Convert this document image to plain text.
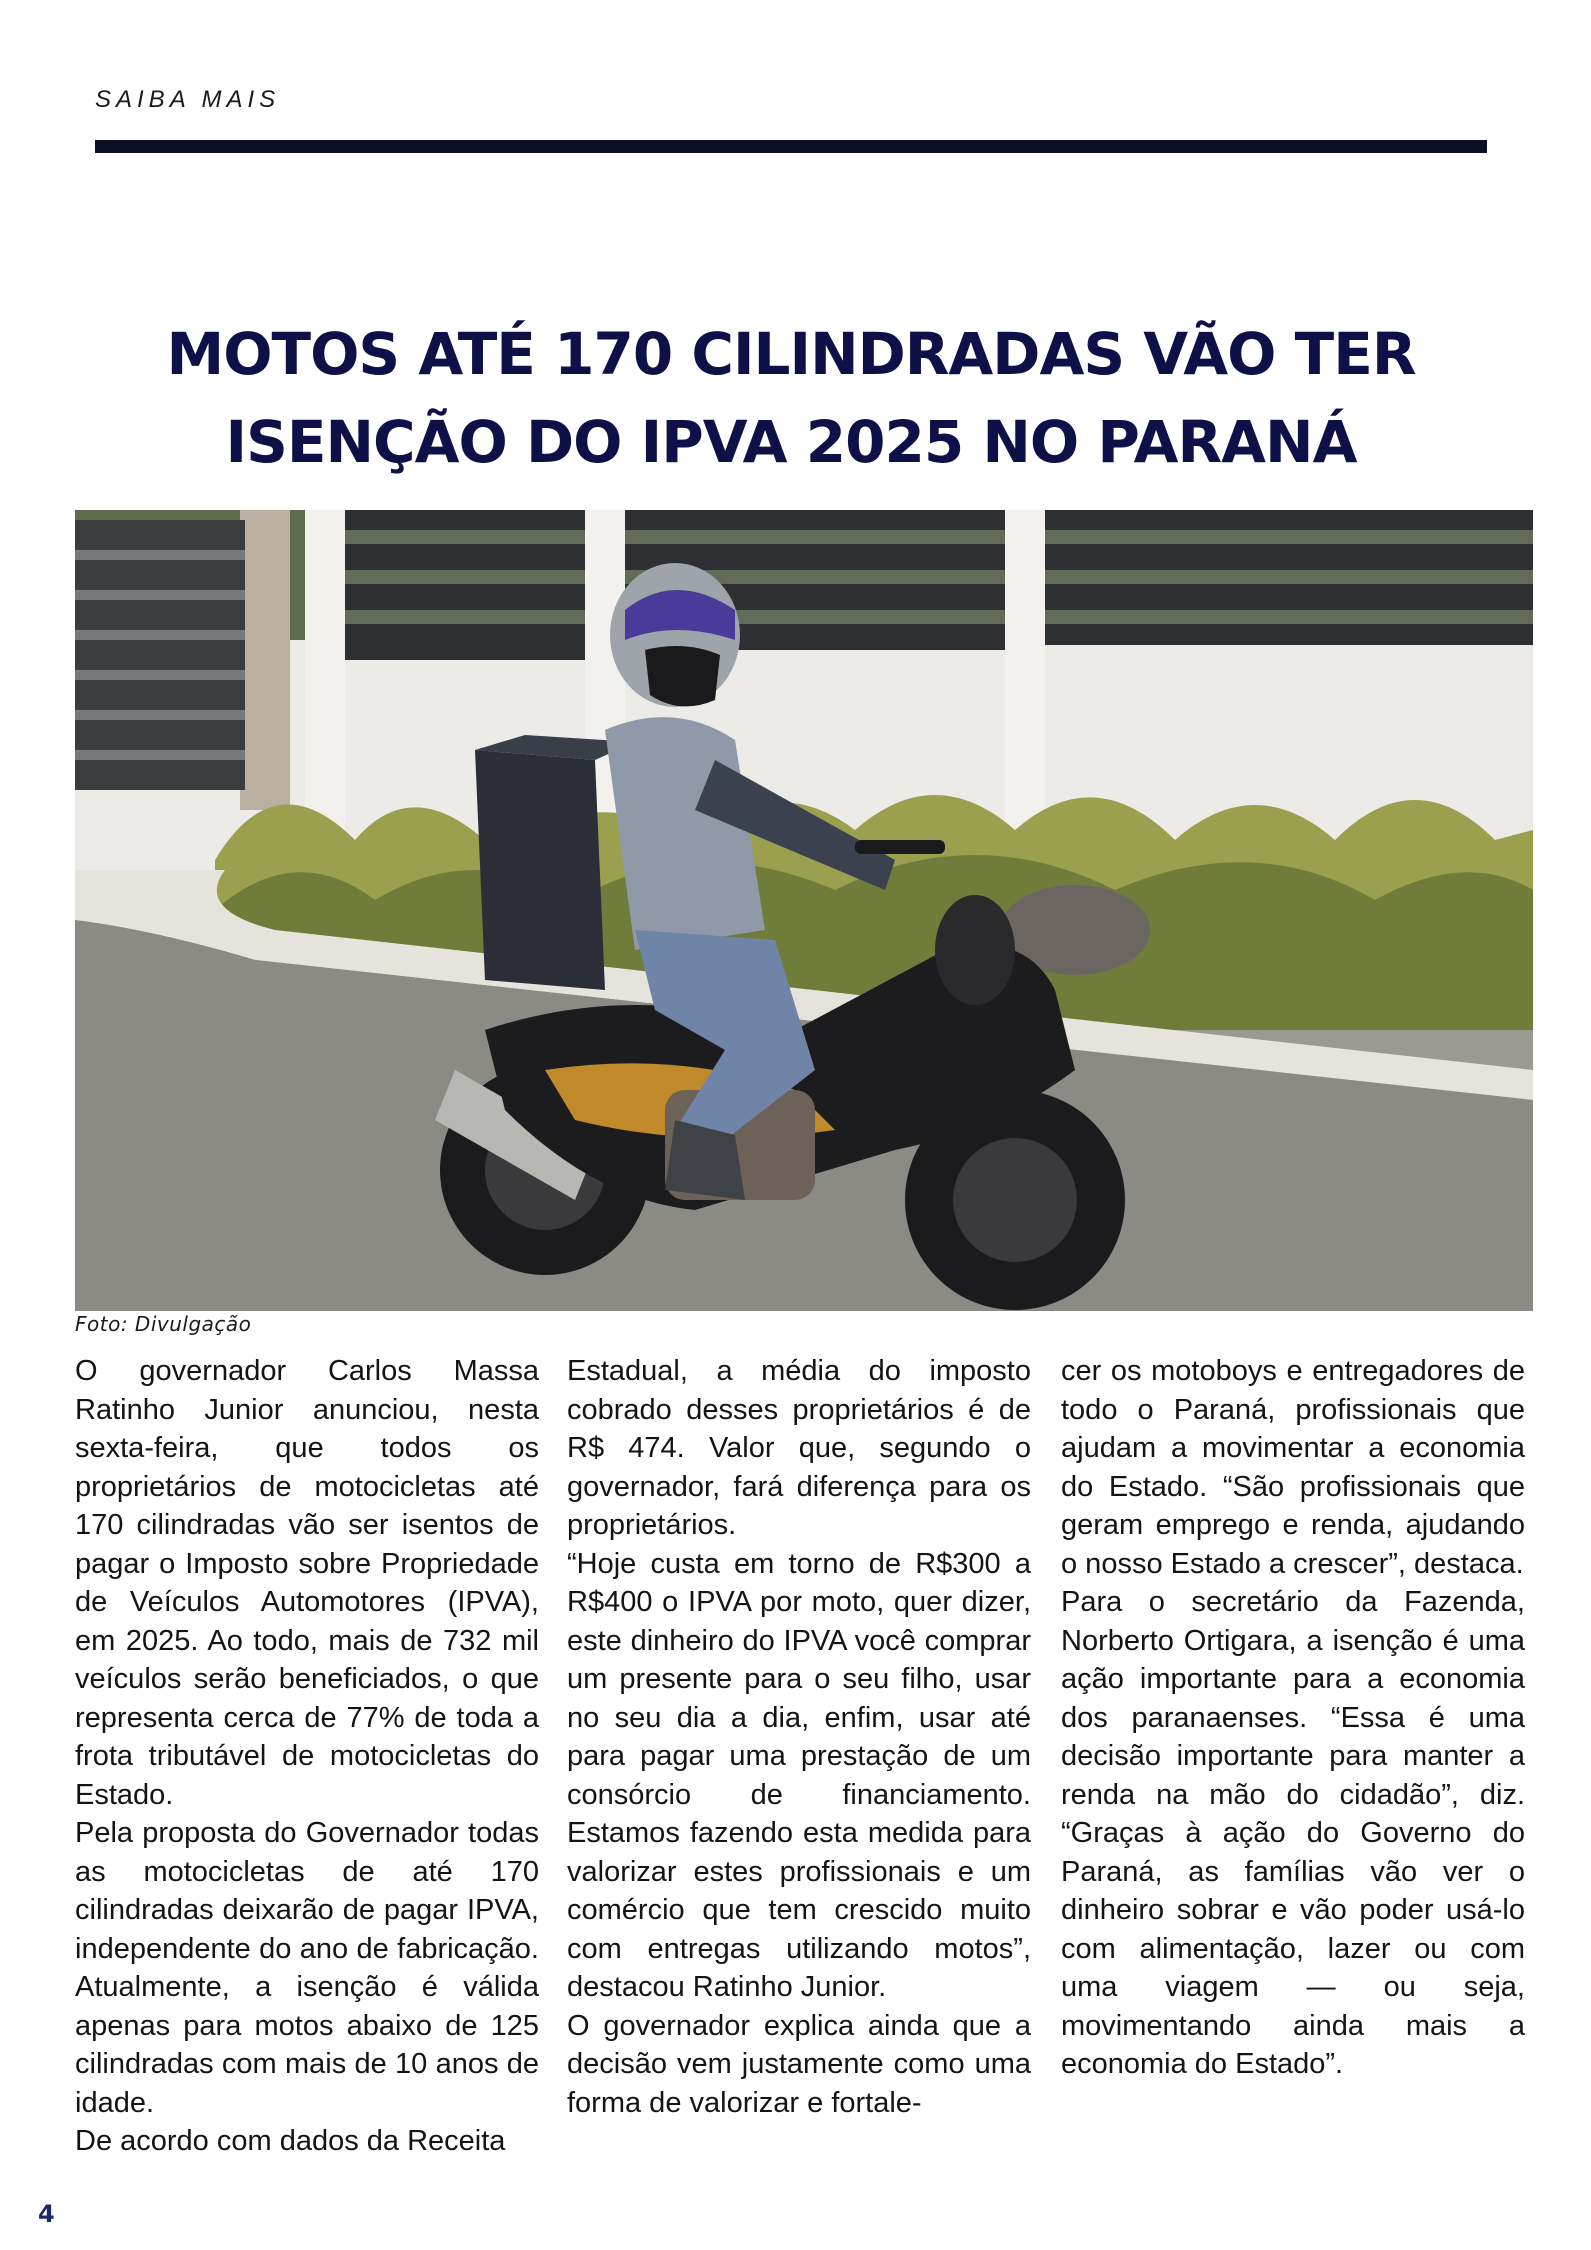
SAIBA MAIS
MOTOS ATÉ 170 CILINDRADAS VÃO TER
ISENÇÃO DO IPVA 2025 NO PARANÁ
Foto: Divulgação

O governador Carlos Massa Ratinho Junior anunciou, nesta sexta-feira, que todos os proprietários de motocicletas até 170 cilindradas vão ser isentos de pagar o Imposto sobre Propriedade de Veículos Automotores (IPVA), em 2025. Ao todo, mais de 732 mil veículos serão beneficiados, o que representa cerca de 77% de toda a frota tributável de motocicletas do Estado.

Pela proposta do Governador todas as motocicletas de até 170 cilindradas deixarão de pagar IPVA, independente do ano de fabricação. Atualmente, a isenção é válida apenas para motos abaixo de 125 cilindradas com mais de 10 anos de idade.

De acordo com dados da Receita

Estadual, a média do imposto cobrado desses proprietários é de R$ 474. Valor que, segundo o governador, fará diferença para os proprietários.

“Hoje custa em torno de R$300 a R$400 o IPVA por moto, quer dizer, este dinheiro do IPVA você comprar um presente para o seu filho, usar no seu dia a dia, enfim, usar até para pagar uma prestação de um consórcio de financiamento. Estamos fazendo esta medida para valorizar estes profissionais e um comércio que tem crescido muito com entregas utilizando motos”, destacou Ratinho Junior.

O governador explica ainda que a decisão vem justamente como uma forma de valorizar e fortale-

cer os motoboys e entregadores de todo o Paraná, profissionais que ajudam a movimentar a economia do Estado. “São profissionais que geram emprego e renda, ajudando o nosso Estado a crescer”, destaca.

Para o secretário da Fazenda, Norberto Ortigara, a isenção é uma ação importante para a economia dos paranaenses. “Essa é uma decisão importante para manter a renda na mão do cidadão”, diz. “Graças à ação do Governo do Paraná, as famílias vão ver o dinheiro sobrar e vão poder usá-lo com alimentação, lazer ou com uma viagem — ou seja, movimentando ainda mais a economia do Estado”.

4
